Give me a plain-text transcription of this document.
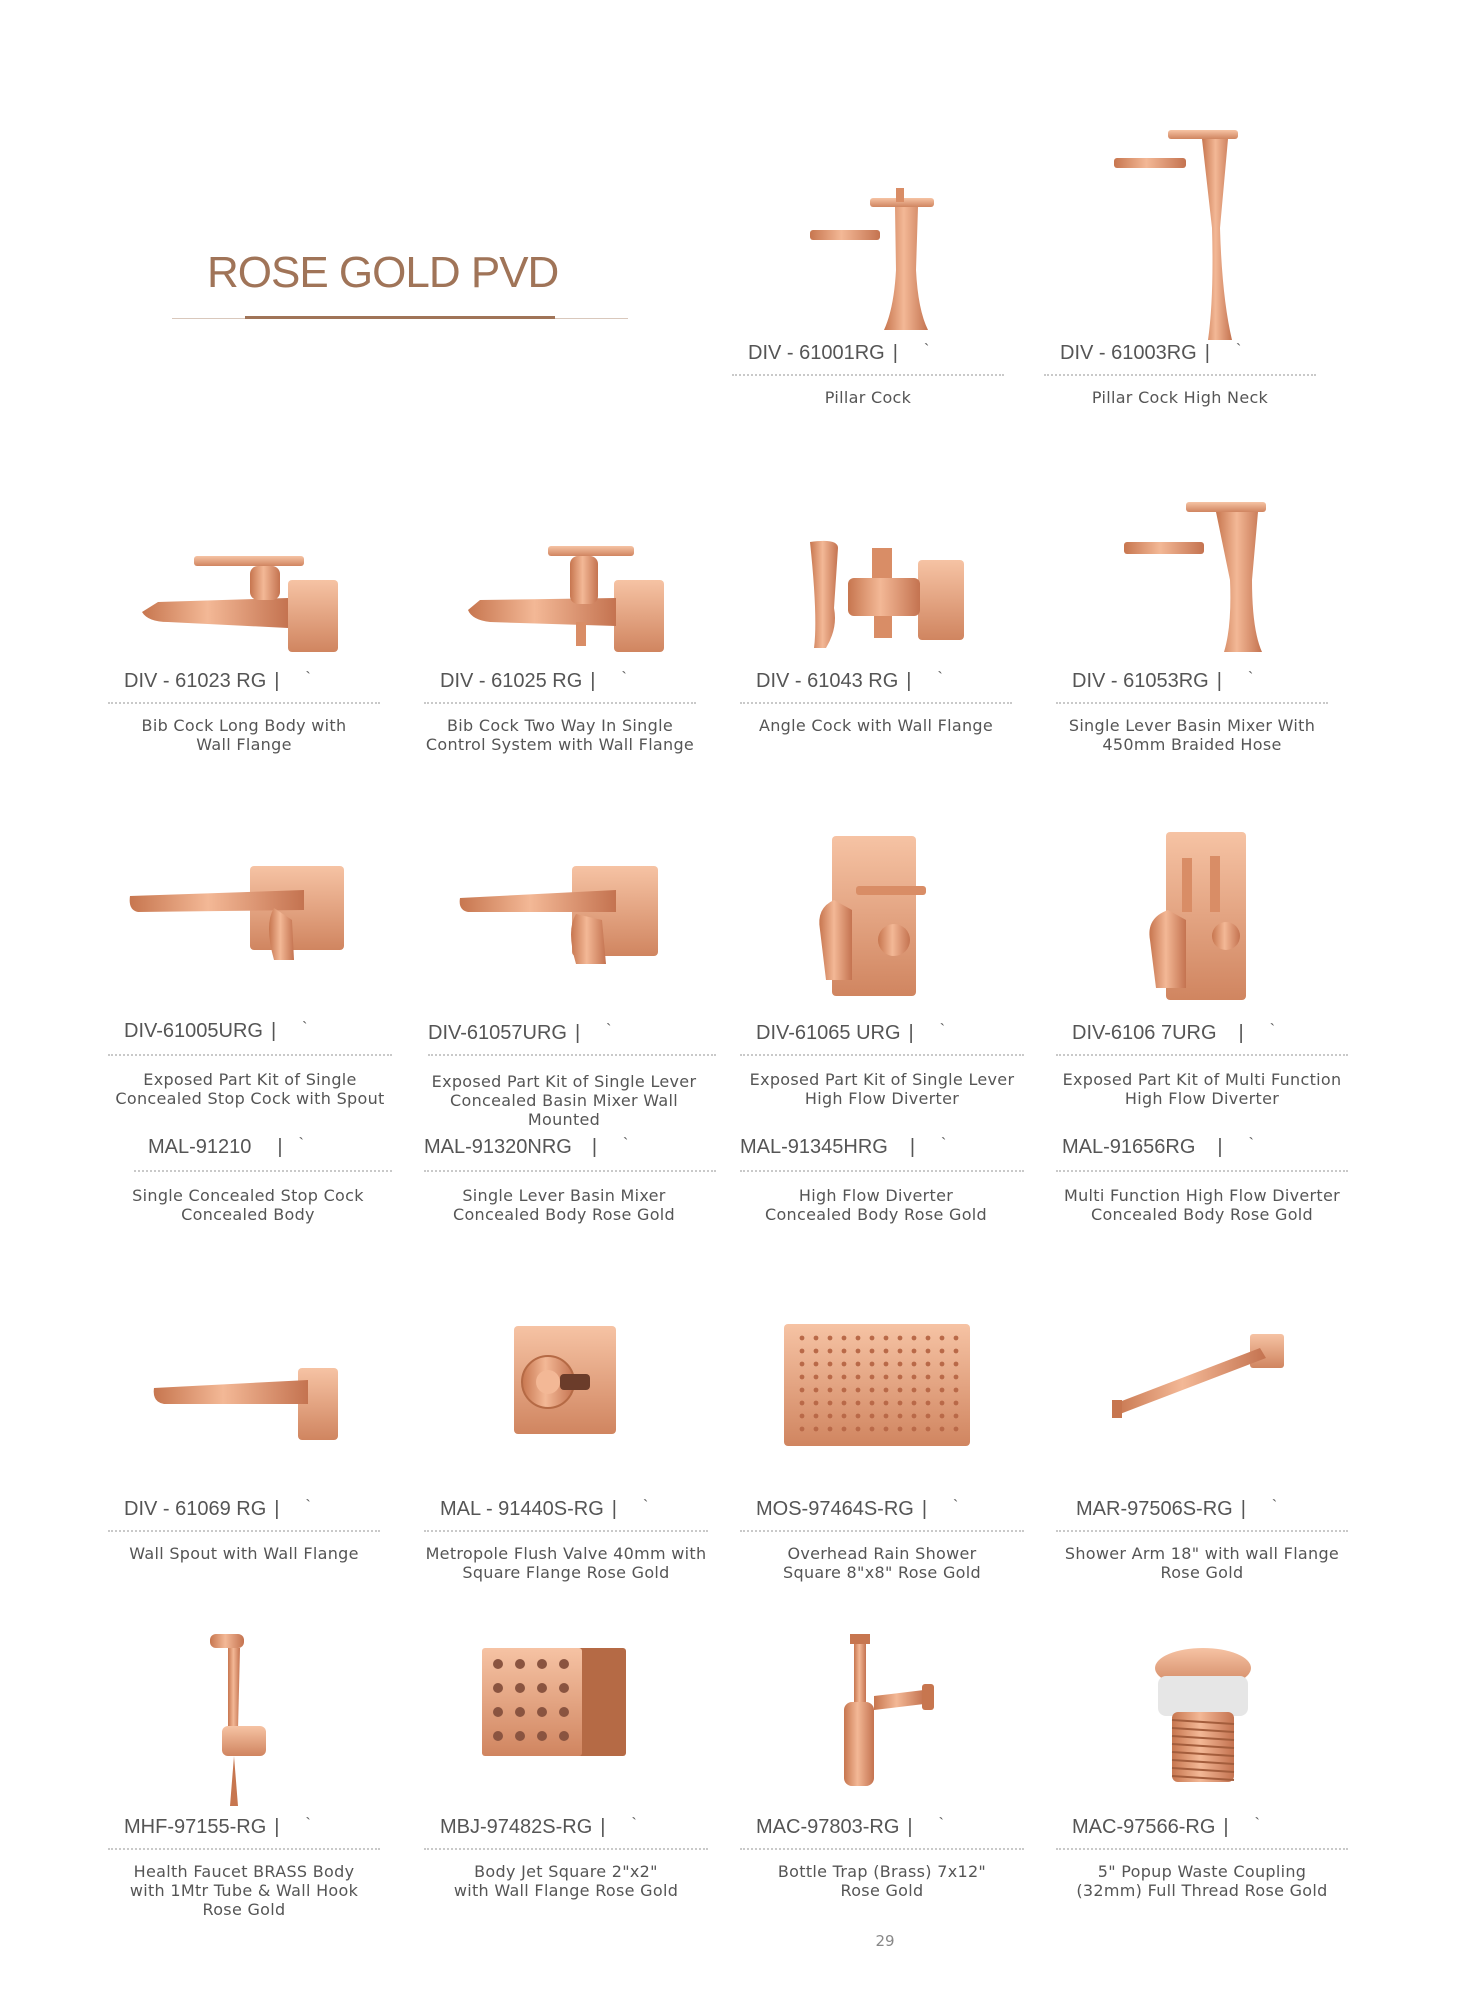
ROSE GOLD PVD
DIV - 61001RG | `
Pillar Cock
DIV - 61003RG | `
Pillar Cock High Neck
DIV - 61023 RG | `
Bib Cock Long Body with
Wall Flange
DIV - 61025 RG | `
Bib Cock Two Way In Single
Control System with Wall Flange
DIV - 61043 RG | `
Angle Cock with Wall Flange
DIV - 61053RG | `
Single Lever Basin Mixer With
450mm Braided Hose
DIV-61005URG | `
Exposed Part Kit of Single
Concealed Stop Cock with Spout
MAL-91210 | `
Single Concealed Stop Cock
Concealed Body
DIV-61057URG | `
Exposed Part Kit of Single Lever
Concealed Basin Mixer Wall Mounted
MAL-91320NRG | `
Single Lever Basin Mixer
Concealed Body Rose Gold
DIV-61065 URG | `
Exposed Part Kit of Single Lever
High Flow Diverter
MAL-91345HRG | `
High Flow Diverter
Concealed Body Rose Gold
DIV-6106 7URG | `
Exposed Part Kit of Multi Function
High Flow Diverter
MAL-91656RG | `
Multi Function High Flow Diverter
Concealed Body Rose Gold
DIV - 61069 RG | `
Wall Spout with Wall Flange
MAL - 91440S-RG | `
Metropole Flush Valve 40mm with
Square Flange Rose Gold
MOS-97464S-RG | `
Overhead Rain Shower
Square 8"x8" Rose Gold
MAR-97506S-RG | `
Shower Arm 18" with wall Flange
Rose Gold
MHF-97155-RG | `
Health Faucet BRASS Body
with 1Mtr Tube & Wall Hook
Rose Gold
MBJ-97482S-RG | `
Body Jet Square 2"x2"
with Wall Flange Rose Gold
MAC-97803-RG | `
Bottle Trap (Brass) 7x12"
Rose Gold
MAC-97566-RG | `
5" Popup Waste Coupling
(32mm) Full Thread Rose Gold
29
